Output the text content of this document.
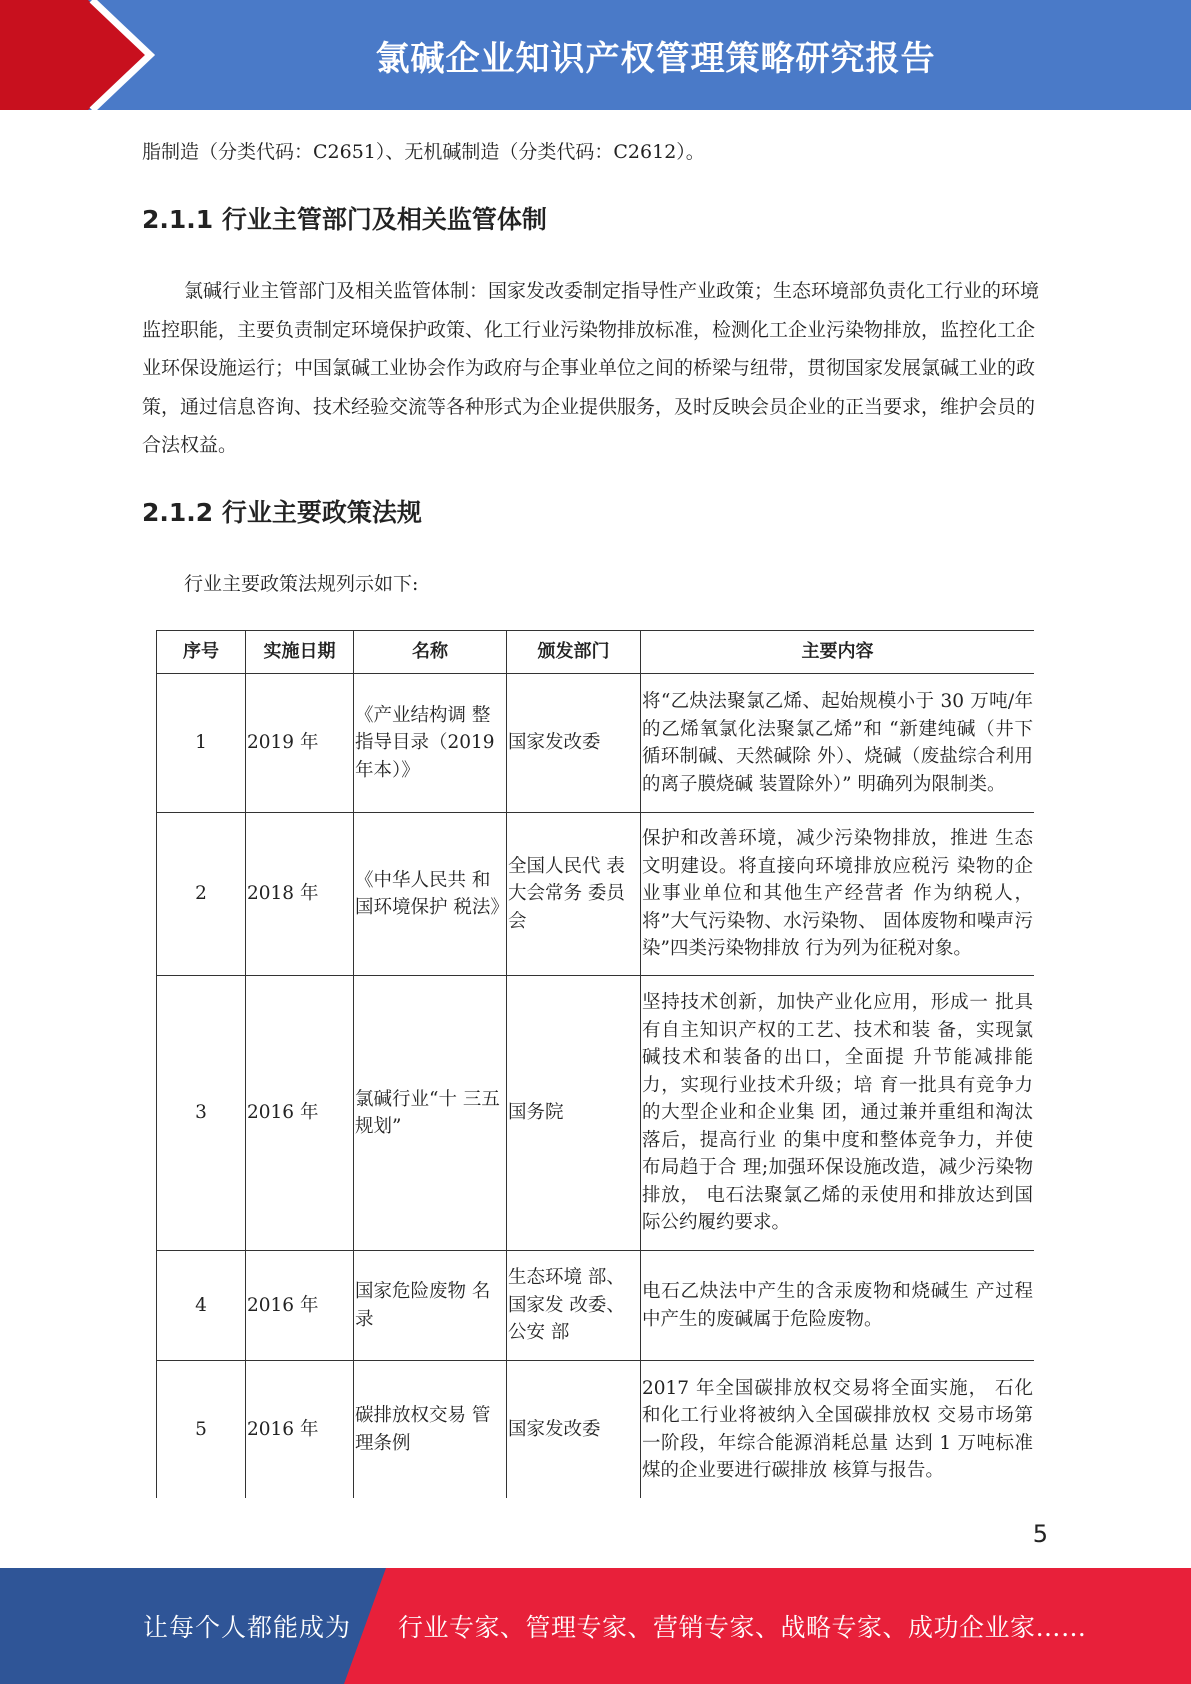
氯碱企业知识产权管理策略研究报告

脂制造（分类代码：C2651）、无机碱制造（分类代码：C2612）。

2.1.1 行业主管部门及相关监管体制

氯碱行业主管部门及相关监管体制：国家发改委制定指导性产业政策；生态环境部负责化工行业的环境监控职能，主要负责制定环境保护政策、化工行业污染物排放标准，检测化工企业污染物排放，监控化工企业环保设施运行；中国氯碱工业协会作为政府与企事业单位之间的桥梁与纽带，贯彻国家发展氯碱工业的政策，通过信息咨询、技术经验交流等各种形式为企业提供服务，及时反映会员企业的正当要求，维护会员的合法权益。

2.1.2 行业主要政策法规

行业主要政策法规列示如下:

序号	实施日期	名称	颁发部门	主要内容
1	2019 年	《产业结构调 整指导目录（2019 年本）》	国家发改委	将“乙炔法聚氯乙烯、起始规模小于 30 万吨/年的乙烯氧氯化法聚氯乙烯”和 “新建纯碱（井下循环制碱、天然碱除 外）、烧碱（废盐综合利用的离子膜烧碱 装置除外）” 明确列为限制类。
2	2018 年	《中华人民共 和国环境保护 税法》	全国人民代 表大会常务 委员会	保护和改善环境，减少污染物排放，推进 生态文明建设。将直接向环境排放应税污 染物的企业事业单位和其他生产经营者 作为纳税人，将”大气污染物、水污染物、 固体废物和噪声污染”四类污染物排放 行为列为征税对象。
3	2016 年	氯碱行业“十 三五规划”	国务院	坚持技术创新，加快产业化应用，形成一 批具有自主知识产权的工艺、技术和装 备，实现氯碱技术和装备的出口，全面提 升节能减排能力，实现行业技术升级；培 育一批具有竞争力的大型企业和企业集 团，通过兼并重组和淘汰落后，提高行业 的集中度和整体竞争力，并使布局趋于合 理;加强环保设施改造，减少污染物排放， 电石法聚氯乙烯的汞使用和排放达到国 际公约履约要求。
4	2016 年	国家危险废物 名录	生态环境 部、国家发 改委、公安 部	电石乙炔法中产生的含汞废物和烧碱生 产过程中产生的废碱属于危险废物。
5	2016 年	碳排放权交易 管理条例	国家发改委	2017 年全国碳排放权交易将全面实施， 石化和化工行业将被纳入全国碳排放权 交易市场第一阶段，年综合能源消耗总量 达到 1 万吨标准煤的企业要进行碳排放 核算与报告。
5
让每个人都能成为 行业专家、管理专家、营销专家、战略专家、成功企业家……
